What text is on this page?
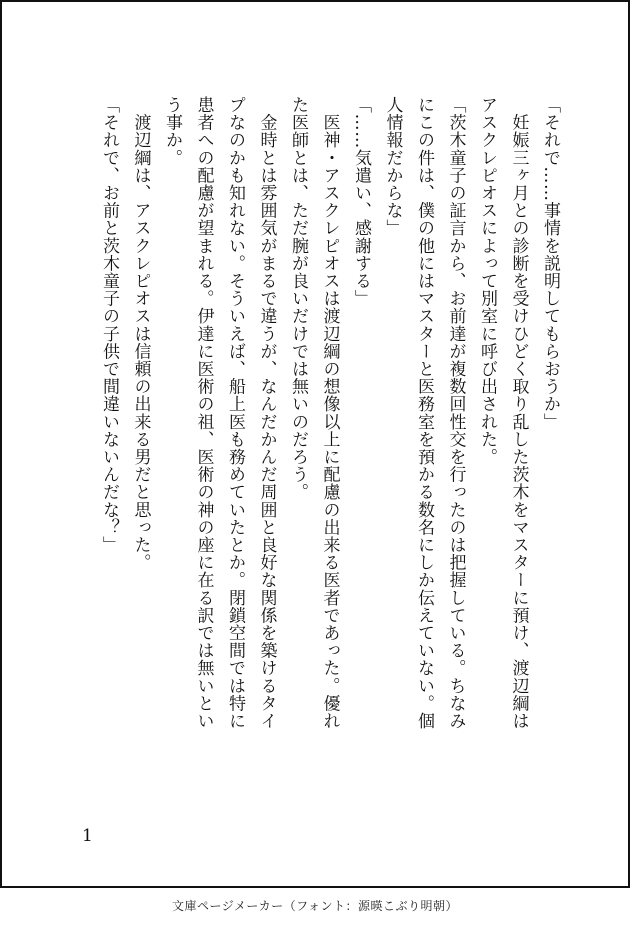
「それで……事情を説明してもらおうか」

　妊娠三ヶ月との診断を受けひどく取り乱した茨木をマスターに預け、渡辺綱は

アスクレピオスによって別室に呼び出された。

「茨木童子の証言から、お前達が複数回性交を行ったのは把握している。ちなみ

にこの件は、僕の他にはマスターと医務室を預かる数名にしか伝えていない。個

人情報だからな」

「……気遣い、感謝する」

　医神・アスクレピオスは渡辺綱の想像以上に配慮の出来る医者であった。優れ

た医師とは、ただ腕が良いだけでは無いのだろう。

　金時とは雰囲気がまるで違うが、なんだかんだ周囲と良好な関係を築けるタイ

プなのかも知れない。そういえば、船上医も務めていたとか。閉鎖空間では特に

患者への配慮が望まれる。伊達に医術の祖、医術の神の座に在る訳では無いとい

う事か。

　渡辺綱は、アスクレピオスは信頼の出来る男だと思った。

「それで、お前と茨木童子の子供で間違いないんだな？」

1
文庫ページメーカー（フォント：源暎こぶり明朝）
